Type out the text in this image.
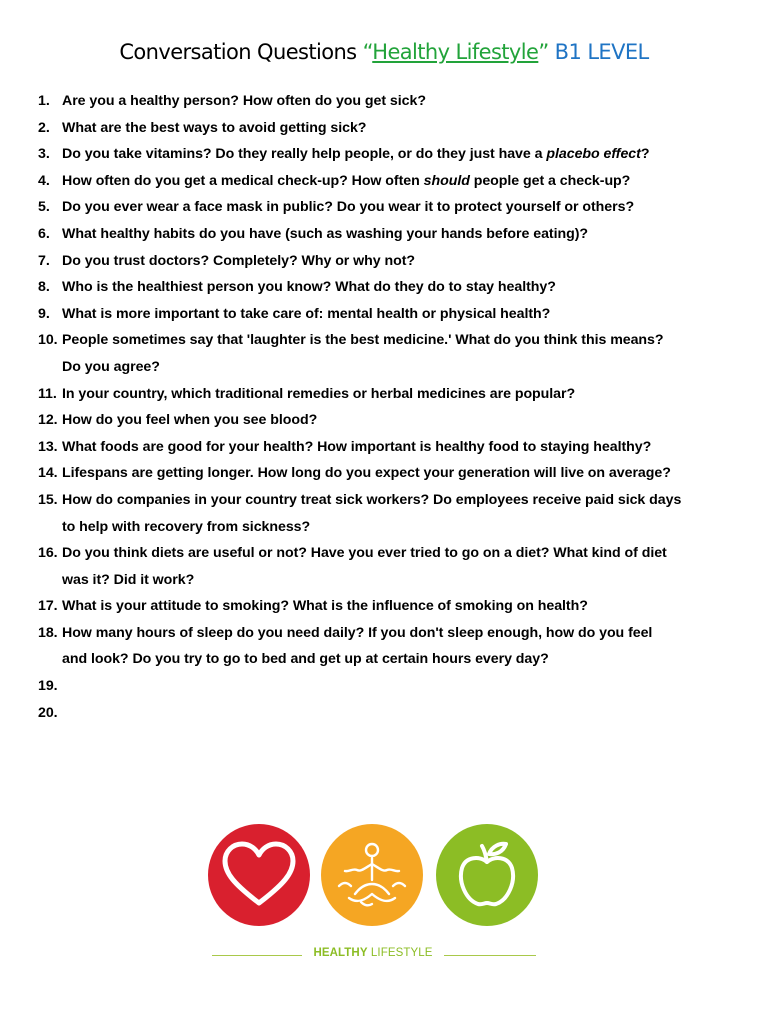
Conversation Questions “Healthy Lifestyle” B1 LEVEL
1. Are you a healthy person? How often do you get sick?
2. What are the best ways to avoid getting sick?
3. Do you take vitamins? Do they really help people, or do they just have a placebo effect?
4. How often do you get a medical check-up? How often should people get a check-up?
5. Do you ever wear a face mask in public? Do you wear it to protect yourself or others?
6. What healthy habits do you have (such as washing your hands before eating)?
7. Do you trust doctors? Completely? Why or why not?
8. Who is the healthiest person you know? What do they do to stay healthy?
9. What is more important to take care of: mental health or physical health?
10. People sometimes say that 'laughter is the best medicine.' What do you think this means?
Do you agree?
11. In your country, which traditional remedies or herbal medicines are popular?
12. How do you feel when you see blood?
13. What foods are good for your health? How important is healthy food to staying healthy?
14. Lifespans are getting longer. How long do you expect your generation will live on average?
15. How do companies in your country treat sick workers? Do employees receive paid sick days
to help with recovery from sickness?
16. Do you think diets are useful or not? Have you ever tried to go on a diet? What kind of diet
was it? Did it work?
17. What is your attitude to smoking? What is the influence of smoking on health?
18. How many hours of sleep do you need daily? If you don't sleep enough, how do you feel
and look? Do you try to go to bed and get up at certain hours every day?
19.

20.

HEALTHY LIFESTYLE
